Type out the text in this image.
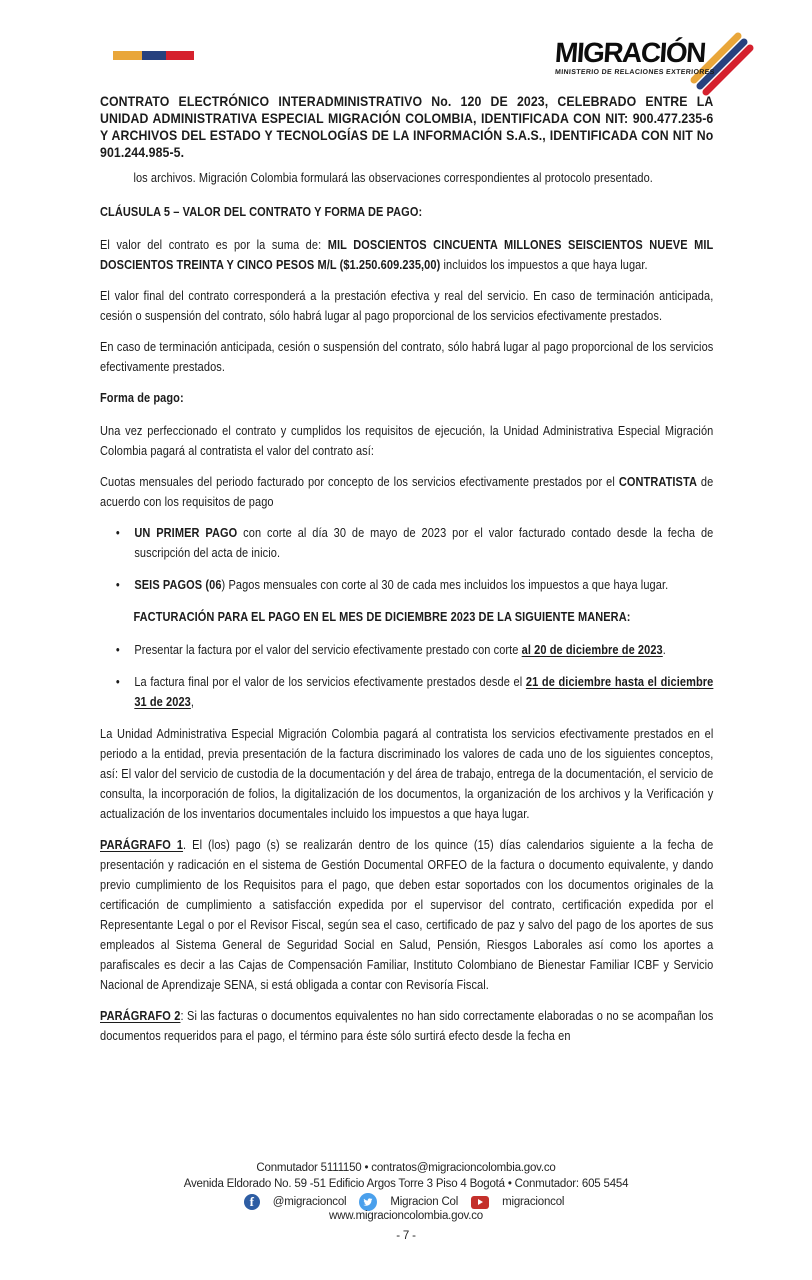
MIGRACIÓN
MINISTERIO DE RELACIONES EXTERIORES

CONTRATO ELECTRÓNICO INTERADMINISTRATIVO No. 120 DE 2023, CELEBRADO ENTRE LA UNIDAD ADMINISTRATIVA ESPECIAL MIGRACIÓN COLOMBIA, IDENTIFICADA CON NIT: 900.477.235-6 Y ARCHIVOS DEL ESTADO Y TECNOLOGÍAS DE LA INFORMACIÓN S.A.S., IDENTIFICADA CON NIT No 901.244.985-5.

los archivos. Migración Colombia formulará las observaciones correspondientes al protocolo presentado.

CLÁUSULA 5 – VALOR DEL CONTRATO Y FORMA DE PAGO:

El valor del contrato es por la suma de: MIL DOSCIENTOS CINCUENTA MILLONES SEISCIENTOS NUEVE MIL DOSCIENTOS TREINTA Y CINCO PESOS M/L ($1.250.609.235,00) incluidos los impuestos a que haya lugar.

El valor final del contrato corresponderá a la prestación efectiva y real del servicio. En caso de terminación anticipada, cesión o suspensión del contrato, sólo habrá lugar al pago proporcional de los servicios efectivamente prestados.

En caso de terminación anticipada, cesión o suspensión del contrato, sólo habrá lugar al pago proporcional de los servicios efectivamente prestados.

Forma de pago:

Una vez perfeccionado el contrato y cumplidos los requisitos de ejecución, la Unidad Administrativa Especial Migración Colombia pagará al contratista el valor del contrato así:

Cuotas mensuales del periodo facturado por concepto de los servicios efectivamente prestados por el CONTRATISTA de acuerdo con los requisitos de pago

•	UN PRIMER PAGO con corte al día 30 de mayo de 2023 por el valor facturado contado desde la fecha de suscripción del acta de inicio.
•	SEIS PAGOS (06) Pagos mensuales con corte al 30 de cada mes incluidos los impuestos a que haya lugar.

FACTURACIÓN PARA EL PAGO EN EL MES DE DICIEMBRE 2023 DE LA SIGUIENTE MANERA:

•	Presentar la factura por el valor del servicio efectivamente prestado con corte al 20 de diciembre de 2023.
•	La factura final por el valor de los servicios efectivamente prestados desde el 21 de diciembre hasta el diciembre 31 de 2023,

La Unidad Administrativa Especial Migración Colombia pagará al contratista los servicios efectivamente prestados en el periodo a la entidad, previa presentación de la factura discriminado los valores de cada uno de los siguientes conceptos, así: El valor del servicio de custodia de la documentación y del área de trabajo, entrega de la documentación, el servicio de consulta, la incorporación de folios, la digitalización de los documentos, la organización de los archivos y la Verificación y actualización de los inventarios documentales incluido los impuestos a que haya lugar.

PARÁGRAFO 1. El (los) pago (s) se realizarán dentro de los quince (15) días calendarios siguiente a la fecha de presentación y radicación en el sistema de Gestión Documental ORFEO de la factura o documento equivalente, y dando previo cumplimiento de los Requisitos para el pago, que deben estar soportados con los documentos originales de la certificación de cumplimiento a satisfacción expedida por el supervisor del contrato, certificación expedida por el Representante Legal o por el Revisor Fiscal, según sea el caso, certificado de paz y salvo del pago de los aportes de sus empleados al Sistema General de Seguridad Social en Salud, Pensión, Riesgos Laborales así como los aportes a parafiscales es decir a las Cajas de Compensación Familiar, Instituto Colombiano de Bienestar Familiar ICBF y Servicio Nacional de Aprendizaje SENA, si está obligada a contar con Revisoría Fiscal.

PARÁGRAFO 2: Si las facturas o documentos equivalentes no han sido correctamente elaboradas o no se acompañan los documentos requeridos para el pago, el término para éste sólo surtirá efecto desde la fecha en

Conmutador 5111150 • contratos@migracioncolombia.gov.co
Avenida Eldorado No. 59 -51 Edificio Argos Torre 3 Piso 4 Bogotá • Conmutador: 605 5454
f	@migracioncol	Migracion Col	migracioncol
www.migracioncolombia.gov.co
- 7 -
